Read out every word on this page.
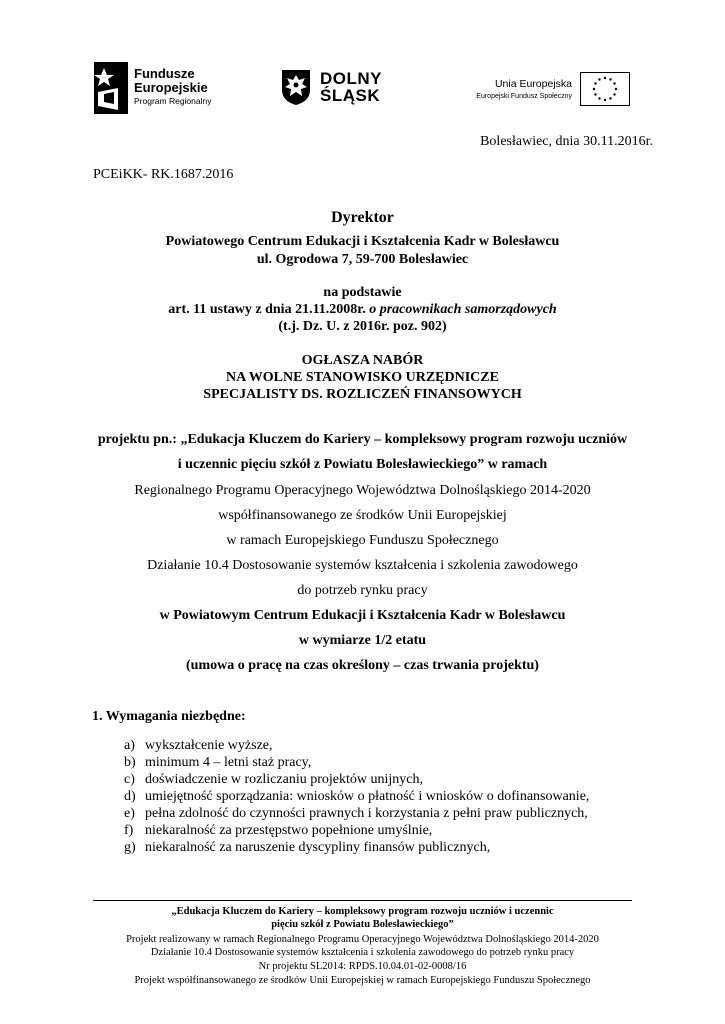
Fundusze
Europejskie
Program Regionalny
DOLNY
ŚLĄSK
Unia Europejska
Europejski Fundusz Społeczny
Bolesławiec, dnia 30.11.2016r.
PCEiKK- RK.1687.2016
Dyrektor
Powiatowego Centrum Edukacji i Kształcenia Kadr w Bolesławcu
ul. Ogrodowa 7, 59-700 Bolesławiec
na podstawie
art. 11 ustawy z dnia 21.11.2008r. o pracownikach samorządowych
(t.j. Dz. U. z 2016r. poz. 902)
OGŁASZA NABÓR
NA WOLNE STANOWISKO URZĘDNICZE
SPECJALISTY DS. ROZLICZEŃ FINANSOWYCH
projektu pn.: „Edukacja Kluczem do Kariery – kompleksowy program rozwoju uczniów
i uczennic pięciu szkół z Powiatu Bolesławieckiego” w ramach
Regionalnego Programu Operacyjnego Województwa Dolnośląskiego 2014-2020
współfinansowanego ze środków Unii Europejskiej
w ramach Europejskiego Funduszu Społecznego
Działanie 10.4 Dostosowanie systemów kształcenia i szkolenia zawodowego
do potrzeb rynku pracy
w Powiatowym Centrum Edukacji i Kształcenia Kadr w Bolesławcu
w wymiarze 1/2 etatu
(umowa o pracę na czas określony – czas trwania projektu)
1. Wymagania niezbędne:
a) wykształcenie wyższe,
b) minimum 4 – letni staż pracy,
c) doświadczenie w rozliczaniu projektów unijnych,
d) umiejętność sporządzania: wniosków o płatność i wniosków o dofinansowanie,
e) pełna zdolność do czynności prawnych i korzystania z pełni praw publicznych,
f) niekaralność za przestępstwo popełnione umyślnie,
g) niekaralność za naruszenie dyscypliny finansów publicznych,
„Edukacja Kluczem do Kariery – kompleksowy program rozwoju uczniów i uczennic
pięciu szkół z Powiatu Bolesławieckiego”
Projekt realizowany w ramach Regionalnego Programu Operacyjnego Województwa Dolnośląskiego 2014-2020
Działanie 10.4 Dostosowanie systemów kształcenia i szkolenia zawodowego do potrzeb rynku pracy
Nr projektu SL2014: RPDS.10.04.01-02-0008/16
Projekt współfinansowanego ze środków Unii Europejskiej w ramach Europejskiego Funduszu Społecznego
